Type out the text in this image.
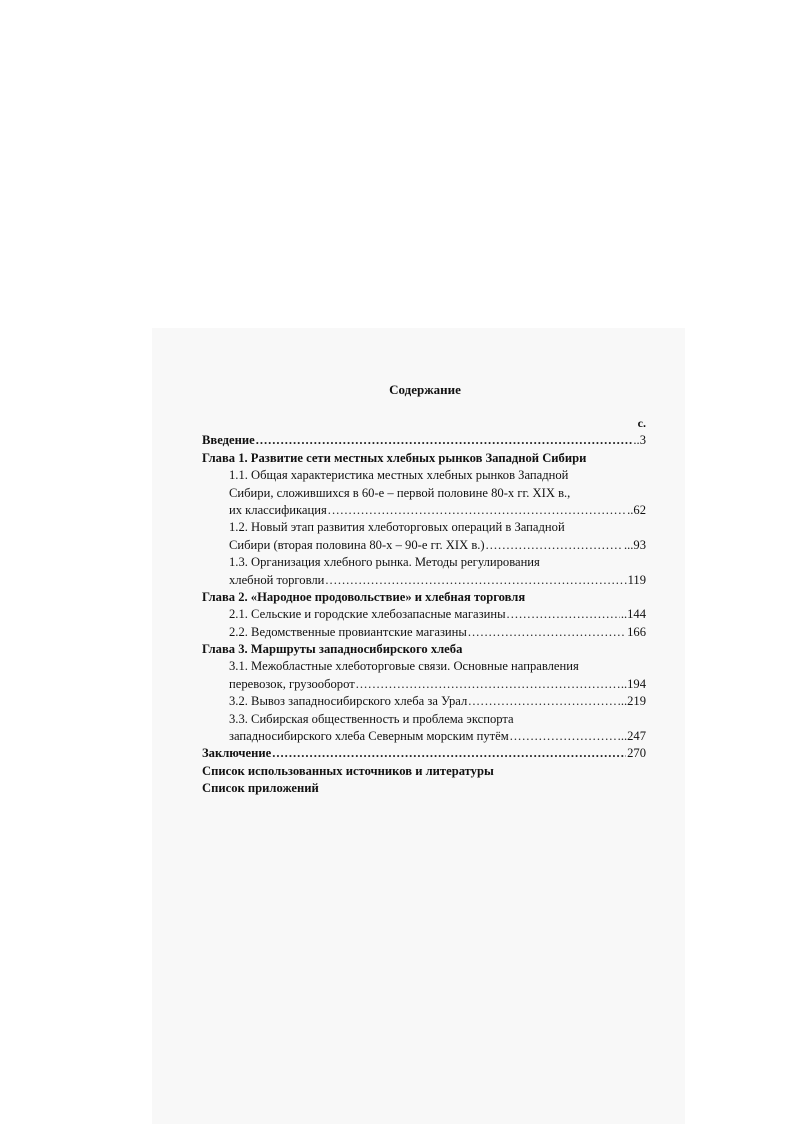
Содержание
с.
Введение .....	..3
Глава 1. Развитие сети местных хлебных рынков Западной Сибири
1.1. Общая характеристика местных хлебных рынков Западной
Сибири, сложившихся в 60-е – первой половине 80-х гг. XIX в.,
их классификация .....	..62
1.2. Новый этап развития хлеботорговых операций в Западной
Сибири (вторая половина 80-х – 90-е гг. XIX в.) .....	...93
1.3. Организация хлебного рынка. Методы регулирования
хлебной торговли .....	119
Глава 2. «Народное продовольствие» и хлебная торговля
2.1. Сельские и городские хлебозапасные магазины .....	..144
2.2. Ведомственные провиантские магазины .....	166
Глава 3. Маршруты западносибирского хлеба
3.1. Межобластные хлеботорговые связи. Основные направления
перевозок, грузооборот .....	..194
3.2. Вывоз западносибирского хлеба за Урал .....	..219
3.3. Сибирская общественность и проблема экспорта
западносибирского хлеба Северным морским путём .....	..247
Заключение .....	270
Список использованных источников и литературы
Список приложений
